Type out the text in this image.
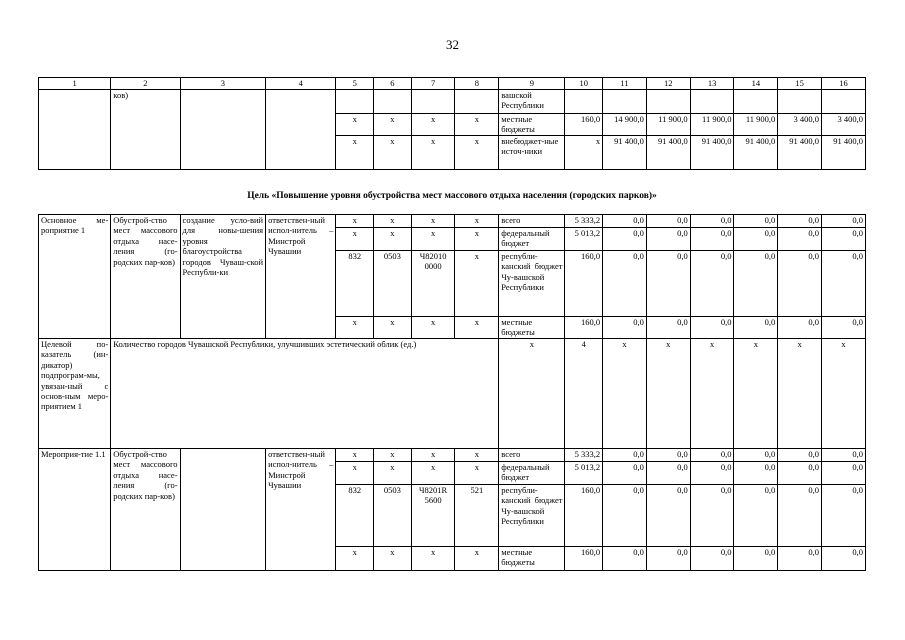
32
1	2	3	4	5	6	7	8	9	10	11	12	13	14	15	16
	ков)							вашской Республики							
				х	х	х	х	местные бюджеты	160,0	14 900,0	11 900,0	11 900,0	11 900,0	3 400,0	3 400,0
				х	х	х	х	внебюджет-ные источ-ники	х	91 400,0	91 400,0	91 400,0	91 400,0	91 400,0	91 400,0
Цель «Повышение уровня обустройства мест массового отдыха населения (городских парков)»
Основное ме-роприятие 1	Обустрой-ство мест массового отдыха насе-ления (го-родских пар-ков)	создание усло-вий для новы-шения уровня благоустройства городов Чуваш-ской Республи-ки	ответствен-ный испол-нитель – Минстрой Чувашии	х	х	х	х	всего	5 333,2	0,0	0,0	0,0	0,0	0,0	0,0
				х	х	х	х	федеральный бюджет	5 013,2	0,0	0,0	0,0	0,0	0,0	0,0
				832	0503	Ч82010 0000	х	республи-канский бюджет Чу-вашской Республики	160,0	0,0	0,0	0,0	0,0	0,0	0,0
				х	х	х	х	местные бюджеты	160,0	0,0	0,0	0,0	0,0	0,0	0,0
Целевой по-казатель (ин-дикатор) подпрограм-мы, увязан-ный с основ-ным меро-приятием 1	Количество городов Чувашской Республики, улучшивших эстетический облик (ед.)							х	4	х	х	х	х	х	х
Мероприя-тие 1.1	Обустрой-ство мест массового отдыха насе-ления (го-родских пар-ков)		ответствен-ный испол-нитель – Минстрой Чувашии	х	х	х	х	всего	5 333,2	0,0	0,0	0,0	0,0	0,0	0,0
				х	х	х	х	федеральный бюджет	5 013,2	0,0	0,0	0,0	0,0	0,0	0,0
				832	0503	Ч8201R 5600	521	республи-канский бюджет Чу-вашской Республики	160,0	0,0	0,0	0,0	0,0	0,0	0,0
				х	х	х	х	местные бюджеты	160,0	0,0	0,0	0,0	0,0	0,0	0,0
